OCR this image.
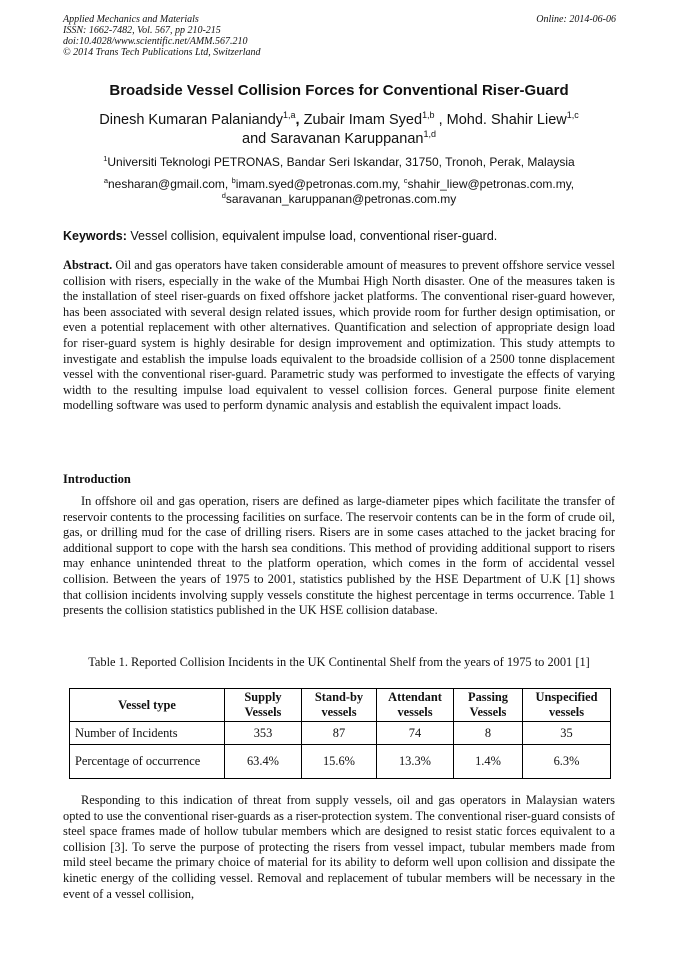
Applied Mechanics and Materials
ISSN: 1662-7482, Vol. 567, pp 210-215
doi:10.4028/www.scientific.net/AMM.567.210
© 2014 Trans Tech Publications Ltd, Switzerland
Online: 2014-06-06
Broadside Vessel Collision Forces for Conventional Riser-Guard
Dinesh Kumaran Palaniandy$^{1,a}$, Zubair Imam Syed$^{1,b}$ , Mohd. Shahir Liew$^{1,c}$
and Saravanan Karuppanan$^{1,d}$
$^1$Universiti Teknologi PETRONAS, Bandar Seri Iskandar, 31750, Tronoh, Perak, Malaysia
$^a$nesharan@gmail.com, $^b$imam.syed@petronas.com.my, $^c$shahir_liew@petronas.com.my,
$^d$saravanan_karuppanan@petronas.com.my
Keywords: Vessel collision, equivalent impulse load, conventional riser-guard.
Abstract. Oil and gas operators have taken considerable amount of measures to prevent offshore service vessel collision with risers, especially in the wake of the Mumbai High North disaster. One of the measures taken is the installation of steel riser-guards on fixed offshore jacket platforms. The conventional riser-guard however, has been associated with several design related issues, which provide room for further design optimisation, or even a potential replacement with other alternatives. Quantification and selection of appropriate design load for riser-guard system is highly desirable for design improvement and optimization. This study attempts to investigate and establish the impulse loads equivalent to the broadside collision of a 2500 tonne displacement vessel with the conventional riser-guard. Parametric study was performed to investigate the effects of varying width to the resulting impulse load equivalent to vessel collision forces. General purpose finite element modelling software was used to perform dynamic analysis and establish the equivalent impact loads.
Introduction
In offshore oil and gas operation, risers are defined as large-diameter pipes which facilitate the transfer of reservoir contents to the processing facilities on surface. The reservoir contents can be in the form of crude oil, gas, or drilling mud for the case of drilling risers. Risers are in some cases attached to the jacket bracing for additional support to cope with the harsh sea conditions. This method of providing additional support to risers may enhance unintended threat to the platform operation, which comes in the form of accidental vessel collision. Between the years of 1975 to 2001, statistics published by the HSE Department of U.K [1] shows that collision incidents involving supply vessels constitute the highest percentage in terms occurrence. Table 1 presents the collision statistics published in the UK HSE collision database.
Table 1. Reported Collision Incidents in the UK Continental Shelf from the years of 1975 to 2001 [1]
Vessel type	Supply Vessels	Stand-by vessels	Attendant vessels	Passing Vessels	Unspecified vessels
Number of Incidents	353	87	74	8	35
Percentage of occurrence	63.4%	15.6%	13.3%	1.4%	6.3%
Responding to this indication of threat from supply vessels, oil and gas operators in Malaysian waters opted to use the conventional riser-guards as a riser-protection system. The conventional riser-guard consists of steel space frames made of hollow tubular members which are designed to resist static forces equivalent to a collision [3]. To serve the purpose of protecting the risers from vessel impact, tubular members made from mild steel became the primary choice of material for its ability to deform well upon collision and dissipate the kinetic energy of the colliding vessel. Removal and replacement of tubular members will be necessary in the event of a vessel collision,
